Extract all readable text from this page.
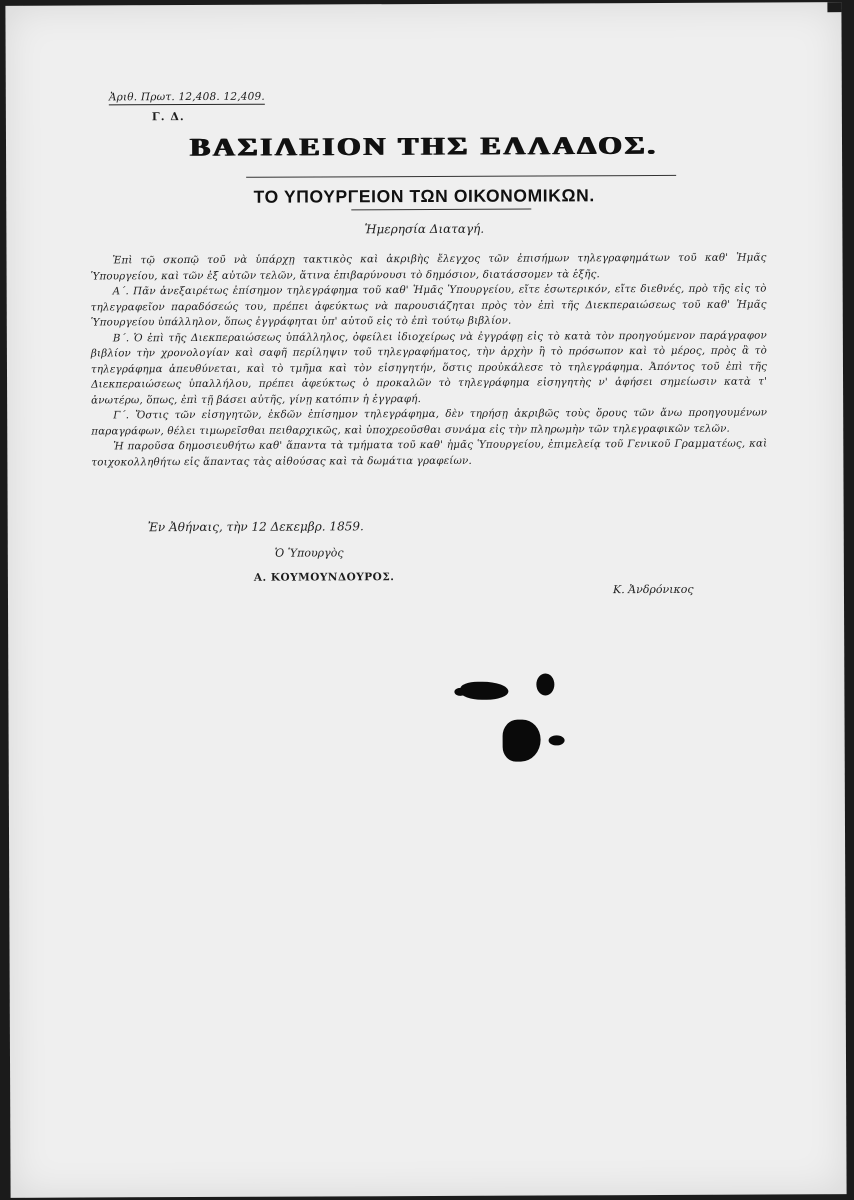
Ἀριθ. Πρωτ. 12,408. 12,409.
Γ. Δ.
ΒΑΣΙΛΕΙΟΝ ΤΗΣ ΕΛΛΑΔΟΣ.
ΤΟ ΥΠΟΥΡΓΕΙΟΝ ΤΩΝ ΟΙΚΟΝΟΜΙΚΩΝ.
Ἡμερησία Διαταγή.

Ἐπὶ τῷ σκοπῷ τοῦ νὰ ὑπάρχῃ τακτικὸς καὶ ἀκριβὴς ἔλεγχος τῶν ἐπισήμων τηλεγραφημάτων τοῦ καθ' Ἡμᾶς Ὑπουργείου, καὶ τῶν ἐξ αὐτῶν τελῶν, ἅτινα ἐπιβαρύνουσι τὸ δημόσιον, διατάσσομεν τὰ ἑξῆς.

Α΄. Πᾶν ἀνεξαιρέτως ἐπίσημον τηλεγράφημα τοῦ καθ' Ἡμᾶς Ὑπουργείου, εἴτε ἐσωτερικόν, εἴτε διεθνές, πρὸ τῆς εἰς τὸ τηλεγραφεῖον παραδόσεώς του, πρέπει ἀφεύκτως νὰ παρουσιάζηται πρὸς τὸν ἐπὶ τῆς Διεκπεραιώσεως τοῦ καθ' Ἡμᾶς Ὑπουργείου ὑπάλληλον, ὅπως ἐγγράφηται ὑπ' αὐτοῦ εἰς τὸ ἐπὶ τούτῳ βιβλίον.

Β΄. Ὁ ἐπὶ τῆς Διεκπεραιώσεως ὑπάλληλος, ὀφείλει ἰδιοχείρως νὰ ἐγγράφῃ εἰς τὸ κατὰ τὸν προηγούμενον παράγραφον βιβλίον τὴν χρονολογίαν καὶ σαφῆ περίληψιν τοῦ τηλεγραφήματος, τὴν ἀρχὴν ἢ τὸ πρόσωπον καὶ τὸ μέρος, πρὸς ἃ τὸ τηλεγράφημα ἀπευθύνεται, καὶ τὸ τμῆμα καὶ τὸν εἰσηγητήν, ὅστις προὐκάλεσε τὸ τηλεγράφημα. Ἀπόντος τοῦ ἐπὶ τῆς Διεκπεραιώσεως ὑπαλλήλου, πρέπει ἀφεύκτως ὁ προκαλῶν τὸ τηλεγράφημα εἰσηγητὴς ν' ἀφήσει σημείωσιν κατὰ τ' ἀνωτέρω, ὅπως, ἐπὶ τῇ βάσει αὐτῆς, γίνῃ κατόπιν ἡ ἐγγραφή.

Γ΄. Ὅστις τῶν εἰσηγητῶν, ἐκδῶν ἐπίσημον τηλεγράφημα, δὲν τηρήσῃ ἀκριβῶς τοὺς ὅρους τῶν ἄνω προηγουμένων παραγράφων, θέλει τιμωρεῖσθαι πειθαρχικῶς, καὶ ὑποχρεοῦσθαι συνάμα εἰς τὴν πληρωμὴν τῶν τηλεγραφικῶν τελῶν.

Ἡ παροῦσα δημοσιευθήτω καθ' ἅπαντα τὰ τμήματα τοῦ καθ' ἡμᾶς Ὑπουργείου, ἐπιμελείᾳ τοῦ Γενικοῦ Γραμματέως, καὶ τοιχοκολληθήτω εἰς ἅπαντας τὰς αἰθούσας καὶ τὰ δωμάτια γραφείων.

Ἐν Ἀθήναις, τὴν 12 Δεκεμβρ. 1859.
Ὁ Ὑπουργὸς
Α. ΚΟΥΜΟΥΝΔΟΥΡΟΣ.
Κ. Ἀνδρόνικος
